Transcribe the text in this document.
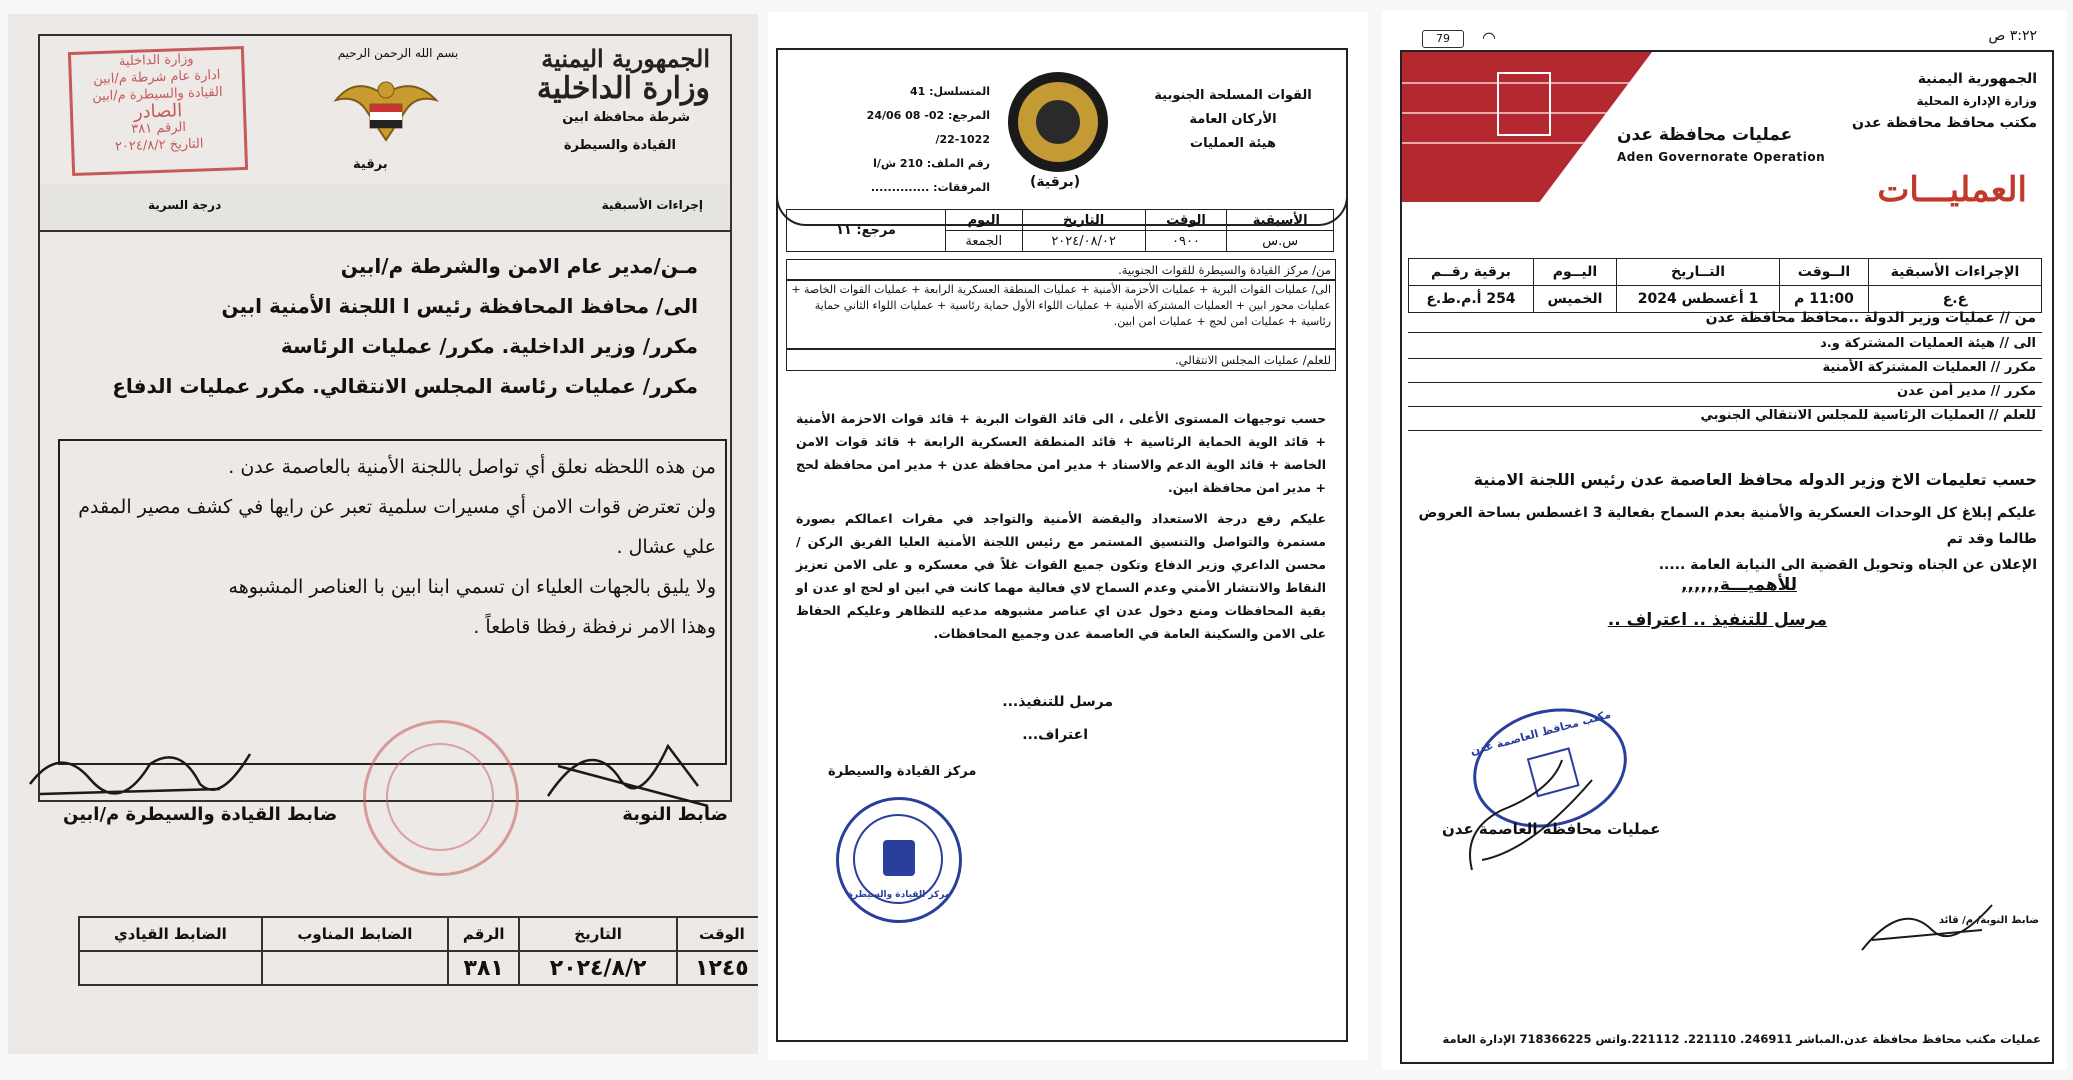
الجمهورية اليمنية
وزارة الداخلية
شرطة محافظة ابين
القيادة والسيطرة
بسم الله الرحمن الرحيم
برقية
وزارة الداخلية
ادارة عام شرطة م/ابين
القيادة والسيطرة م/ابين
الصادر
الرقم ٣٨١
التاريخ ٢٠٢٤/٨/٢
إجراءات الأسبقية
درجة السرية
مـن/مدير عام الامن والشرطة م/ابين
الى/ محافظ المحافظة رئيس ا اللجنة الأمنية ابين
مكرر/ وزير الداخلية. مكرر/ عمليات الرئاسة
مكرر/ عمليات رئاسة المجلس الانتقالي. مكرر عمليات الدفاع
من هذه اللحظه نعلق أي تواصل باللجنة الأمنية بالعاصمة عدن .
ولن تعترض قوات الامن أي مسيرات سلمية تعبر عن رايها في كشف مصير المقدم
علي عشال .
ولا يليق بالجهات العلياء ان تسمي ابنا ابين با العناصر المشبوهه
وهذا الامر نرفظة رفظا قاطعاً .
ضابط النوبة
ضابط القيادة والسيطرة م/ابين
الوقت	التاريخ	الرقم	الضابط المناوب	الضابط القيادي
١٢٤٥	٢٠٢٤/٨/٢	٣٨١		
القوات المسلحة الجنوبية
الأركان العامة
هيئة العمليات
(برقية)
المتسلسل: 41
المرجع: 02- 08 24/06
22-1022/
رقم الملف: 210 ش/ا
المرفقات: ..............
الأسبقية	الوقت	التاريخ	اليوم	مرجع: ١١
س.س	٠٩٠٠	٢٠٢٤/٠٨/٠٢	الجمعة	
من/ مركز القيادة والسيطرة للقوات الجنوبية.
الى/ عمليات القوات البرية + عمليات الأحزمة الأمنية + عمليات المنطقة العسكرية الرابعة + عمليات القوات الخاصة + عمليات محور ابين + العمليات المشتركة الأمنية + عمليات اللواء الأول حماية رئاسية + عمليات اللواء الثاني حماية رئاسية + عمليات امن لحج + عمليات امن ابين.
للعلم/ عمليات المجلس الانتقالي.
حسب توجيهات المستوى الأعلى ، الى قائد القوات البرية + قائد قوات الاحزمة الأمنية + قائد الوية الحماية الرئاسية + قائد المنطقة العسكرية الرابعة + قائد قوات الامن الخاصة + قائد الوية الدعم والاسناد + مدير امن محافظة عدن + مدير امن محافظة لحج + مدير امن محافظة ابين.
عليكم رفع درجة الاستعداد واليقضة الأمنية والتواجد في مقرات اعمالكم بصورة مستمرة والتواصل والتنسيق المستمر مع رئيس اللجنة الأمنية العليا الفريق الركن / محسن الداعري وزير الدفاع وتكون جميع القوات غلاً في معسكره و على الامن تعزيز النقاط والانتشار الأمني وعدم السماح لاي فعالية مهما كانت في ابين او لحج او عدن او بقية المحافظات ومنع دخول عدن اي عناصر مشبوهه مدعيه للتظاهر وعليكم الحفاظ على الامن والسكينة العامة في العاصمة عدن وجميع المحافظات.
مرسل للتنفيذ...
اعتراف...
مركز القيادة والسيطرة
مركز القيادة والسيطرة
79	◠	٣:٢٢ ص
الجمهورية اليمنية
وزارة الإدارة المحلية
مكتب محافظ محافظة عدن
عمليات محافظة عدن
Aden Governorate Operation
العمليـــات
الإجراءات الأسبقية	الــوقت	التــاريخ	اليــوم	برقية رقــم
ع.ع	11:00 م	1 أغسطس 2024	الخميس	254 أ.م.ط.ع
من // عمليات وزير الدولة ..محافظ محافظة عدن
الى // هيئة العمليات المشتركة و.د
مكرر // العمليات المشتركة الأمنية
مكرر // مدير أمن عدن
للعلم // العمليات الرئاسية للمجلس الانتقالي الجنوبي
حسب تعليمات الاخ وزير الدوله محافظ العاصمة عدن رئيس اللجنة الامنية
عليكم إبلاغ كل الوحدات العسكرية والأمنية بعدم السماح بفعالية 3 اغسطس بساحة العروض طالما وقد تم
الإعلان عن الجناه وتحويل القضية الى النيابة العامة .....
للأهميـــة,,,,,,
مرسل للتنفيذ .. اعتراف ..
مكتب محافظ العاصمة عدن
عمليات محافظة العاصمة عدن
ضابط النوبة/ م/ قائد
عمليات مكتب محافظ محافظة عدن.المباشر 246911. 221110. 221112.واتس 718366225 الإدارة العامة
